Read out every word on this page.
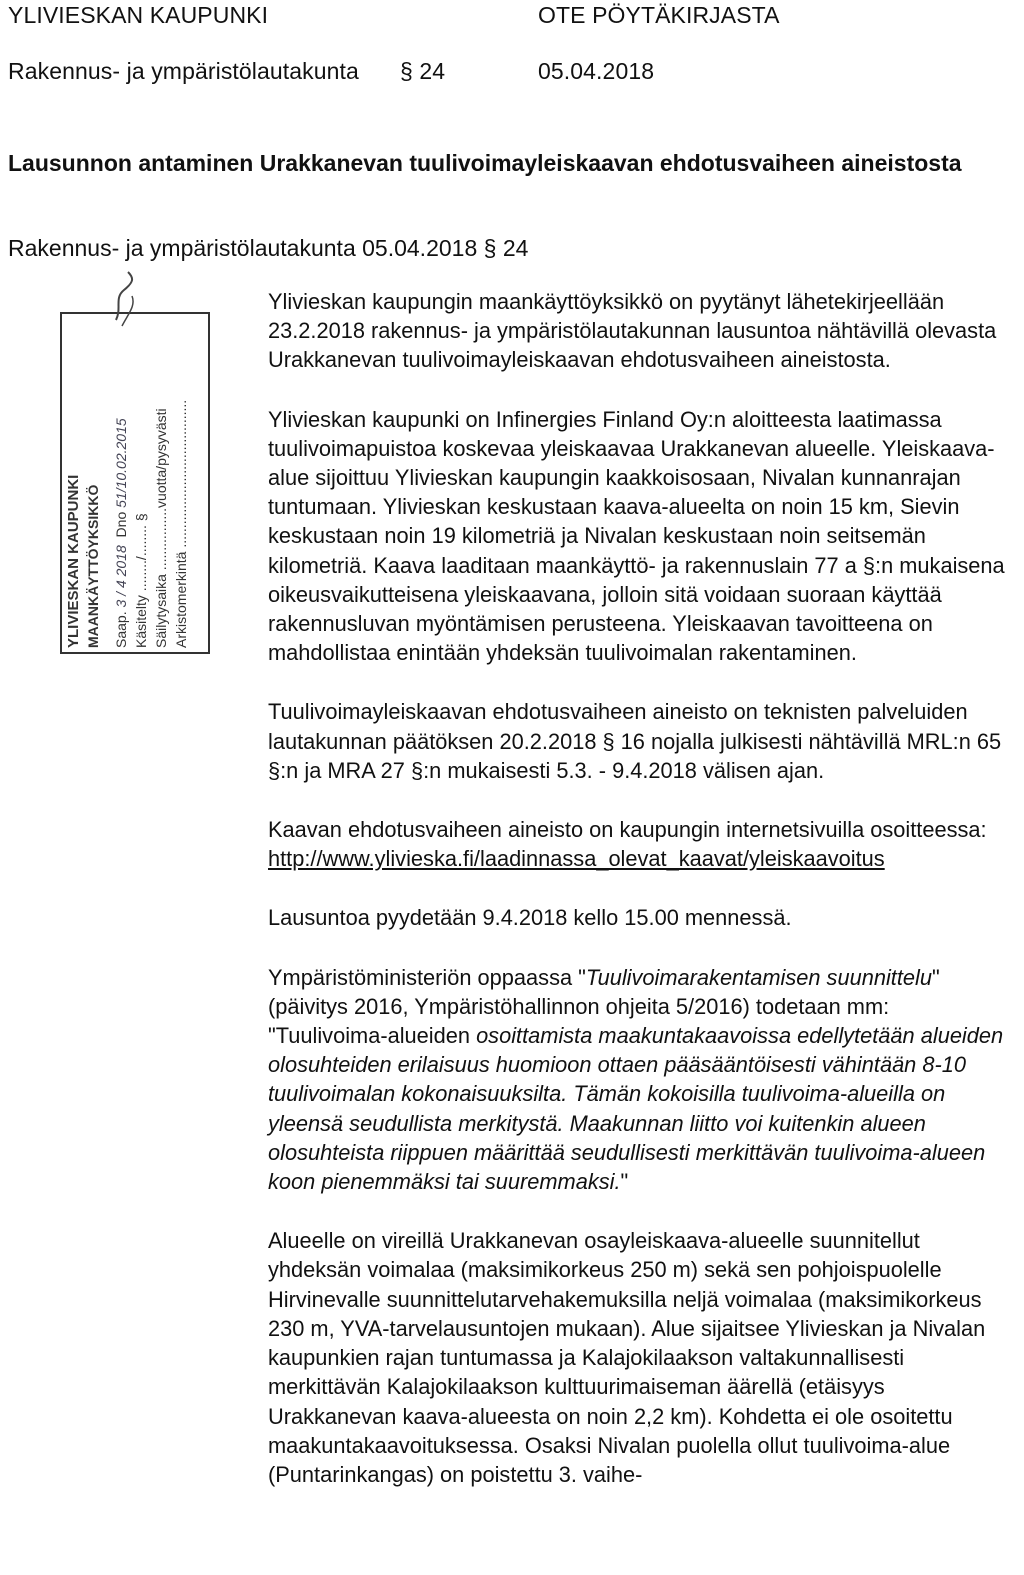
YLIVIESKAN KAUPUNKI	OTE PÖYTÄKIRJASTA
Rakennus- ja ympäristölautakunta § 24	05.04.2018
Lausunnon antaminen Urakkanevan tuulivoimayleiskaavan ehdotusvaiheen aineistosta
Rakennus- ja ympäristölautakunta 05.04.2018 § 24
YLIVIESKAN KAUPUNKI MAANKÄYTTÖYKSIKKÖ Saap. 3 / 4 2018  Dno 51/10.02.2015
Käsitelty ......../........ §
Säilytysaika ................vuotta/pysyvästi
Arkistomerkintä ......................................

Ylivieskan kaupungin maankäyttöyksikkö on pyytänyt lähetekirjeellään 23.2.2018 rakennus- ja ympäristölautakunnan lausuntoa nähtävillä olevasta Urakkanevan tuulivoimayleiskaavan ehdotusvaiheen aineistosta.

Ylivieskan kaupunki on Infinergies Finland Oy:n aloitteesta laatimassa tuulivoimapuistoa koskevaa yleiskaavaa Urakkanevan alueelle. Yleiskaava-alue sijoittuu Ylivieskan kaupungin kaakkoisosaan, Nivalan kunnanrajan tuntumaan. Ylivieskan keskustaan kaava-alueelta on noin 15 km, Sievin keskustaan noin 19 kilometriä ja Nivalan keskustaan noin seitsemän kilometriä. Kaava laaditaan maankäyttö- ja rakennuslain 77 a §:n mukaisena oikeusvaikutteisena yleiskaavana, jolloin sitä voidaan suoraan käyttää rakennusluvan myöntämisen perusteena. Yleiskaavan tavoitteena on mahdollistaa enintään yhdeksän tuulivoimalan rakentaminen.

Tuulivoimayleiskaavan ehdotusvaiheen aineisto on teknisten palveluiden lautakunnan päätöksen 20.2.2018 § 16 nojalla julkisesti nähtävillä MRL:n 65 §:n ja MRA 27 §:n mukaisesti 5.3. - 9.4.2018 välisen ajan.

Kaavan ehdotusvaiheen aineisto on kaupungin internetsivuilla osoitteessa:
http://www.ylivieska.fi/laadinnassa_olevat_kaavat/yleiskaavoitus

Lausuntoa pyydetään 9.4.2018 kello 15.00 mennessä.

Ympäristöministeriön oppaassa "Tuulivoimarakentamisen suunnittelu" (päivitys 2016, Ympäristöhallinnon ohjeita 5/2016) todetaan mm: "Tuulivoima-alueiden osoittamista maakuntakaavoissa edellytetään alueiden olosuhteiden erilaisuus huomioon ottaen pääsääntöisesti vähintään 8-10 tuulivoimalan kokonaisuuksilta. Tämän kokoisilla tuulivoima-alueilla on yleensä seudullista merkitystä. Maakunnan liitto voi kuitenkin alueen olosuhteista riippuen määrittää seudullisesti merkittävän tuulivoima-alueen koon pienemmäksi tai suuremmaksi."

Alueelle on vireillä Urakkanevan osayleiskaava-alueelle suunnitellut yhdeksän voimalaa (maksimikorkeus 250 m) sekä sen pohjoispuolelle Hirvinevalle suunnittelutarvehakemuksilla neljä voimalaa (maksimikorkeus 230 m, YVA-tarvelausuntojen mukaan). Alue sijaitsee Ylivieskan ja Nivalan kaupunkien rajan tuntumassa ja Kalajokilaakson valtakunnallisesti merkittävän Kalajokilaakson kulttuurimaiseman äärellä (etäisyys Urakkanevan kaava-alueesta on noin 2,2 km). Kohdetta ei ole osoitettu maakuntakaavoituksessa. Osaksi Nivalan puolella ollut tuulivoima-alue (Puntarinkangas) on poistettu 3. vaihe-
